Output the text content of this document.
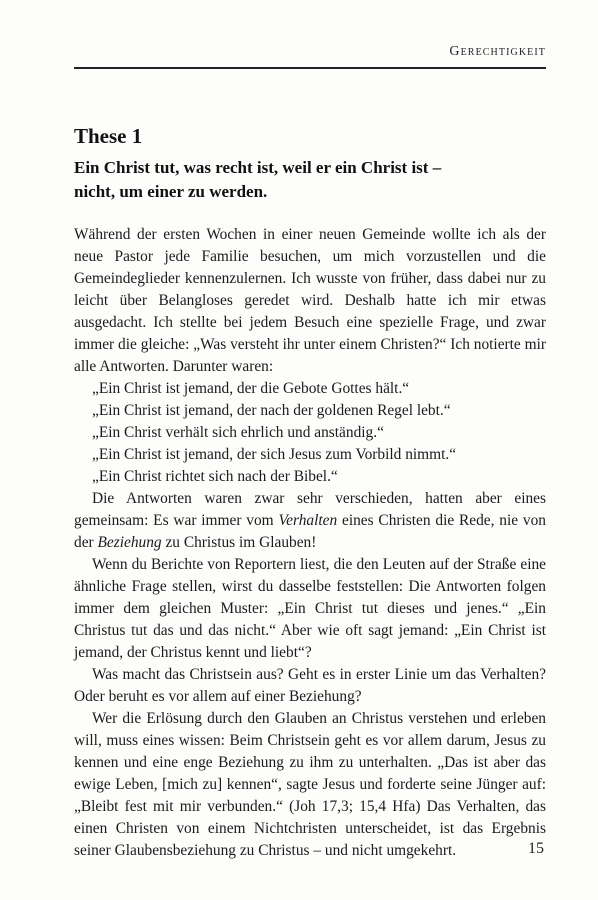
Gerechtigkeit
These 1
Ein Christ tut, was recht ist, weil er ein Christ ist –
nicht, um einer zu werden.

Während der ersten Wochen in einer neuen Gemeinde wollte ich als der neue Pastor jede Familie besuchen, um mich vorzustellen und die Gemeindeglieder kennenzulernen. Ich wusste von früher, dass dabei nur zu leicht über Belangloses geredet wird. Deshalb hatte ich mir etwas ausgedacht. Ich stellte bei jedem Besuch eine spezielle Frage, und zwar immer die gleiche: „Was versteht ihr unter einem Christen?“ Ich notierte mir alle Antworten. Darunter waren:

„Ein Christ ist jemand, der die Gebote Gottes hält.“

„Ein Christ ist jemand, der nach der goldenen Regel lebt.“

„Ein Christ verhält sich ehrlich und anständig.“

„Ein Christ ist jemand, der sich Jesus zum Vorbild nimmt.“

„Ein Christ richtet sich nach der Bibel.“

Die Antworten waren zwar sehr verschieden, hatten aber eines gemeinsam: Es war immer vom Verhalten eines Christen die Rede, nie von der Beziehung zu Christus im Glauben!

Wenn du Berichte von Reportern liest, die den Leuten auf der Straße eine ähnliche Frage stellen, wirst du dasselbe feststellen: Die Antworten folgen immer dem gleichen Muster: „Ein Christ tut dieses und jenes.“ „Ein Christus tut das und das nicht.“ Aber wie oft sagt jemand: „Ein Christ ist jemand, der Christus kennt und liebt“?

Was macht das Christsein aus? Geht es in erster Linie um das Verhalten? Oder beruht es vor allem auf einer Beziehung?

Wer die Erlösung durch den Glauben an Christus verstehen und erleben will, muss eines wissen: Beim Christsein geht es vor allem darum, Jesus zu kennen und eine enge Beziehung zu ihm zu unterhalten. „Das ist aber das ewige Leben, [mich zu] kennen“, sagte Jesus und forderte seine Jünger auf: „Bleibt fest mit mir verbunden.“ (Joh 17,3; 15,4 Hfa) Das Verhalten, das einen Christen von einem Nichtchristen unterscheidet, ist das Ergebnis seiner Glaubensbeziehung zu Christus – und nicht umgekehrt.	15
